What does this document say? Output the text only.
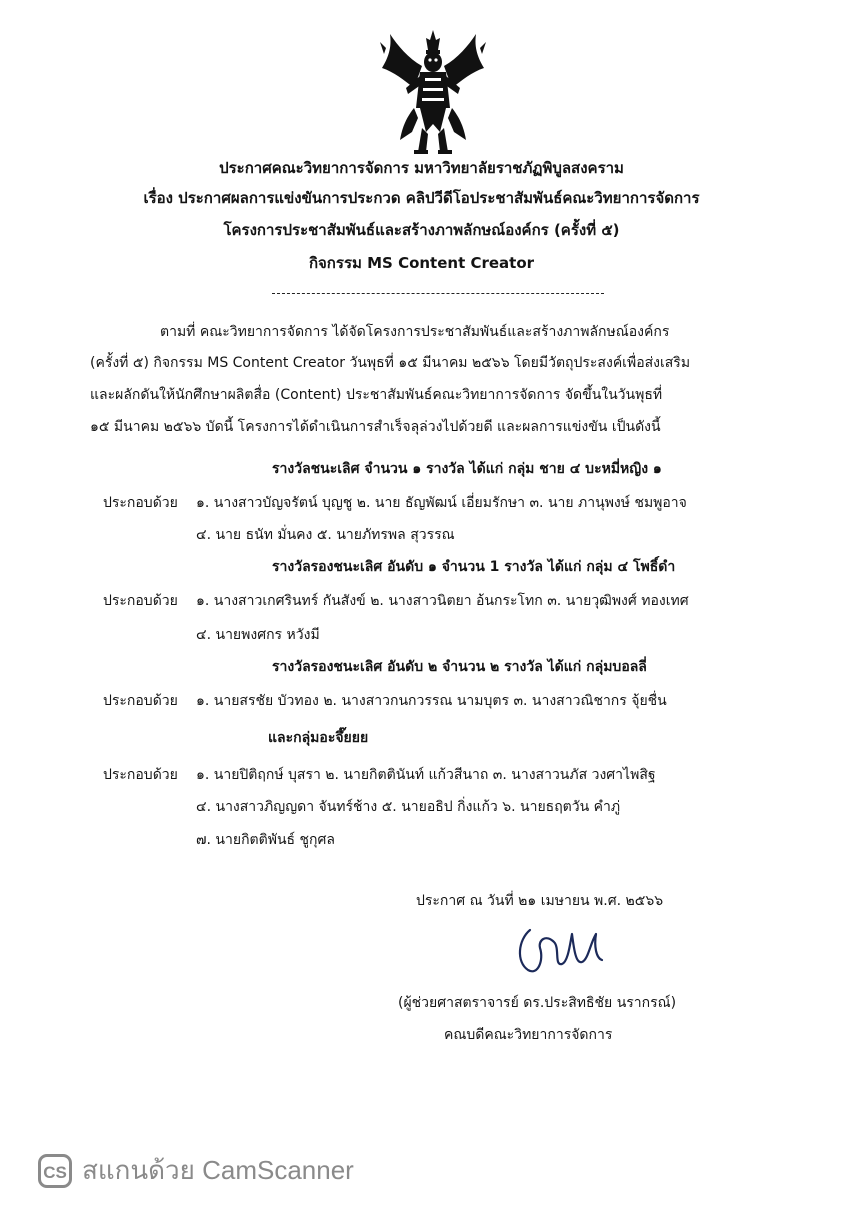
ประกาศคณะวิทยาการจัดการ มหาวิทยาลัยราชภัฏพิบูลสงคราม
เรื่อง ประกาศผลการแข่งขันการประกวด คลิปวีดีโอประชาสัมพันธ์คณะวิทยาการจัดการ
โครงการประชาสัมพันธ์และสร้างภาพลักษณ์องค์กร (ครั้งที่ ๕)
กิจกรรม MS Content Creator
ตามที่ คณะวิทยาการจัดการ ได้จัดโครงการประชาสัมพันธ์และสร้างภาพลักษณ์องค์กร
(ครั้งที่ ๕) กิจกรรม MS Content Creator วันพุธที่ ๑๕ มีนาคม ๒๕๖๖ โดยมีวัตถุประสงค์เพื่อส่งเสริม
และผลักดันให้นักศึกษาผลิตสื่อ (Content) ประชาสัมพันธ์คณะวิทยาการจัดการ จัดขึ้นในวันพุธที่
๑๕ มีนาคม ๒๕๖๖ บัดนี้ โครงการได้ดำเนินการสำเร็จลุล่วงไปด้วยดี และผลการแข่งขัน เป็นดังนี้
รางวัลชนะเลิศ จำนวน ๑ รางวัล ได้แก่ กลุ่ม ชาย ๔ บะหมี่หญิง ๑
ประกอบด้วย ๑. นางสาวบัญจรัตน์ บุญชู ๒. นาย ธัญพัฒน์ เอี่ยมรักษา ๓. นาย ภานุพงษ์ ชมพูอาจ
๔. นาย ธนัท มั่นคง ๕. นายภัทรพล สุวรรณ
รางวัลรองชนะเลิศ อันดับ ๑ จำนวน 1 รางวัล ได้แก่ กลุ่ม ๔ โพธิ์ดำ
ประกอบด้วย ๑. นางสาวเกศรินทร์ กันสังข์ ๒. นางสาวนิตยา อ้นกระโทก ๓. นายวุฒิพงศ์ ทองเทศ
๔. นายพงศกร หวังมี
รางวัลรองชนะเลิศ อันดับ ๒ จำนวน ๒ รางวัล ได้แก่ กลุ่มบอลลี่
ประกอบด้วย ๑. นายสรชัย บัวทอง ๒. นางสาวกนกวรรณ นามบุตร ๓. นางสาวณิชากร จุ้ยชื่น
และกลุ่มอะจึ๊ยยย
ประกอบด้วย ๑. นายปิติฤกษ์ บุสรา ๒. นายกิตตินันท์ แก้วสีนาถ ๓. นางสาวนภัส วงศาไพสิฐ
๔. นางสาวภิญญดา จันทร์ช้าง ๕. นายอธิป กิ่งแก้ว ๖. นายธฤตวัน คำภู่
๗. นายกิตติพันธ์ ชูกุศล
ประกาศ ณ วันที่ ๒๑ เมษายน พ.ศ. ๒๕๖๖
(ผู้ช่วยศาสตราจารย์ ดร.ประสิทธิชัย นรากรณ์)
คณบดีคณะวิทยาการจัดการ
CS สแกนด้วย CamScanner
